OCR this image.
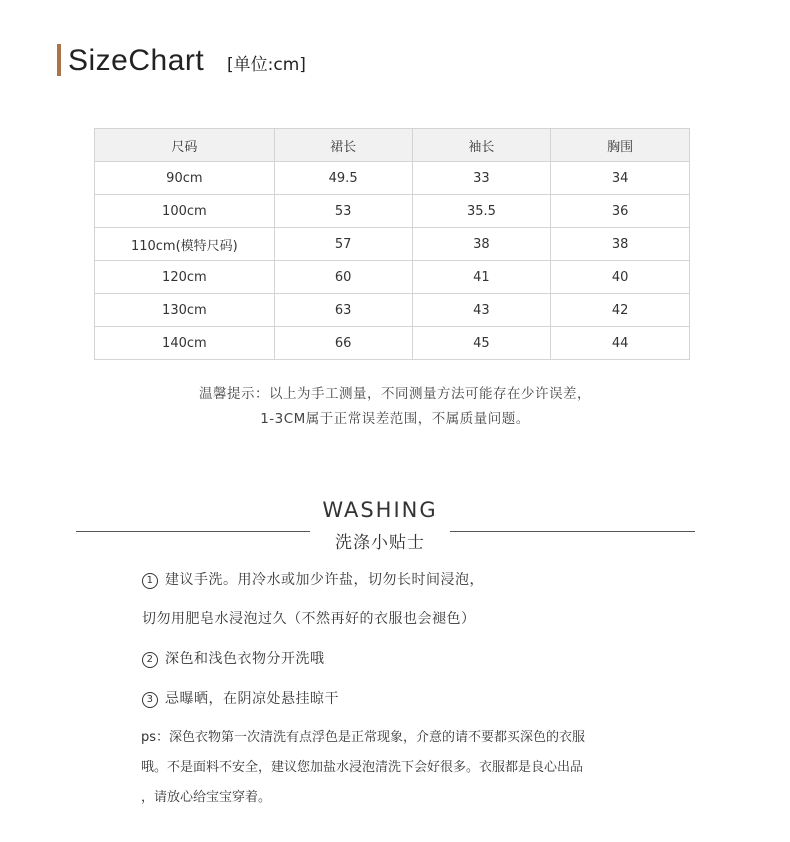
SizeChart [单位:cm]
尺码	裙长	袖长	胸围
90cm	49.5	33	34
100cm	53	35.5	36
110cm(模特尺码)	57	38	38
120cm	60	41	40
130cm	63	43	42
140cm	66	45	44
温馨提示：以上为手工测量，不同测量方法可能存在少许误差，
1-3CM属于正常误差范围，不属质量问题。
WASHING
洗涤小贴士
1 建议手洗。用冷水或加少许盐，切勿长时间浸泡，
切勿用肥皂水浸泡过久（不然再好的衣服也会褪色）
2 深色和浅色衣物分开洗哦
3 忌曝晒，在阴凉处悬挂晾干
ps：深色衣物第一次清洗有点浮色是正常现象，介意的请不要都买深色的衣服
哦。不是面料不安全，建议您加盐水浸泡清洗下会好很多。衣服都是良心出品
，请放心给宝宝穿着。
